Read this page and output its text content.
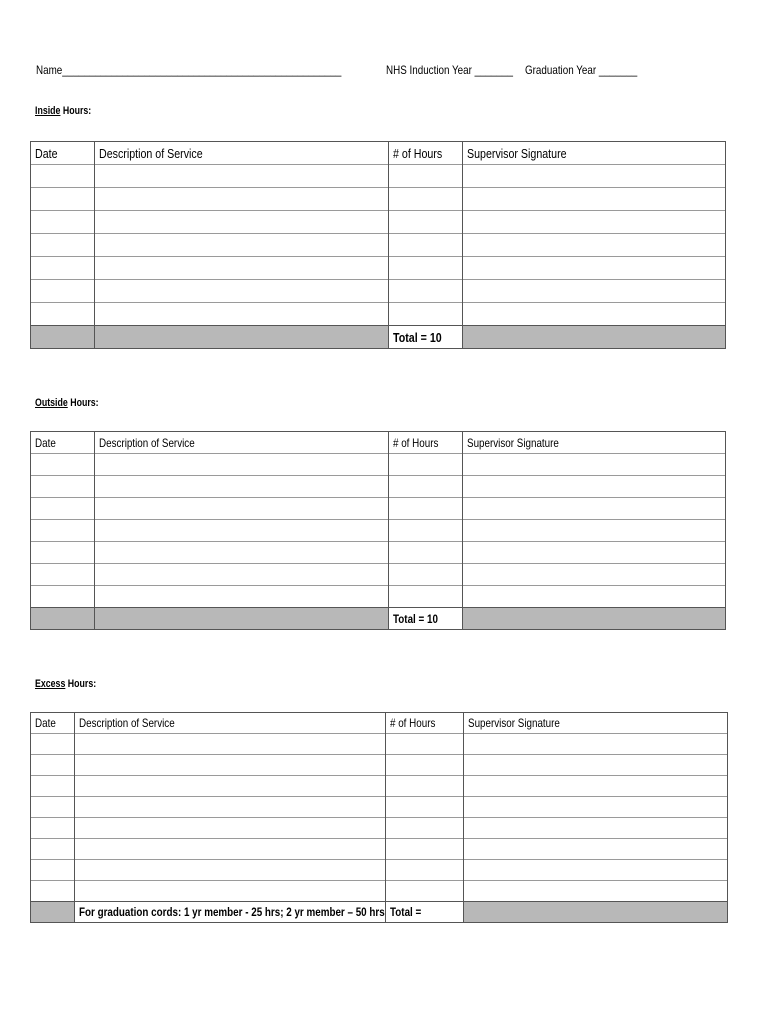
Name___________________________________________________	NHS Induction Year _______ Graduation Year _______
Inside Hours:
Date	Description of Service	# of Hours	Supervisor Signature

		Total = 10	
Outside Hours:
Date	Description of Service	# of Hours	Supervisor Signature

		Total = 10	
Excess Hours:
Date	Description of Service	# of Hours	Supervisor Signature

	For graduation cords: 1 yr member - 25 hrs; 2 yr member – 50 hrs	Total =	
